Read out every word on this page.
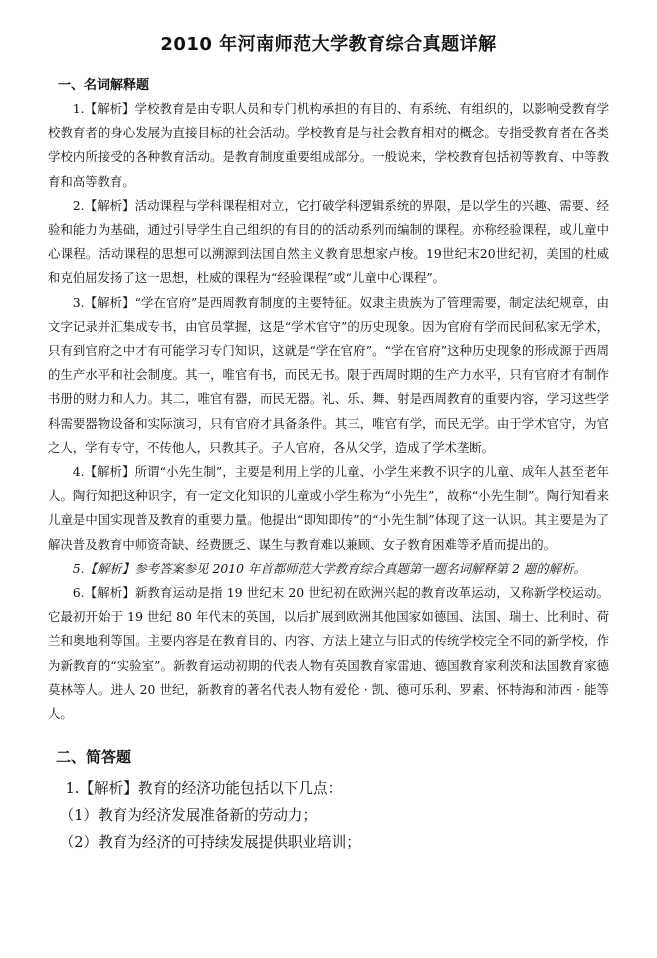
2010 年河南师范大学教育综合真题详解
一、名词解释题

1.【解析】学校教育是由专职人员和专门机构承担的有目的、有系统、有组织的，以影响受教育学校教育者的身心发展为直接目标的社会活动。学校教育是与社会教育相对的概念。专指受教育者在各类学校内所接受的各种教育活动。是教育制度重要组成部分。一般说来，学校教育包括初等教育、中等教育和高等教育。

2.【解析】活动课程与学科课程相对立，它打破学科逻辑系统的界限，是以学生的兴趣、需要、经验和能力为基础，通过引导学生自己组织的有目的的活动系列而编制的课程。亦称经验课程，或儿童中心课程。活动课程的思想可以溯源到法国自然主义教育思想家卢梭。19世纪末20世纪初，美国的杜威和克伯屈发扬了这一思想，杜威的课程为“经验课程”或“儿童中心课程”。

3.【解析】“学在官府”是西周教育制度的主要特征。奴隶主贵族为了管理需要，制定法纪规章，由文字记录并汇集成专书，由官员掌握，这是“学术官守”的历史现象。因为官府有学而民间私家无学术，只有到官府之中才有可能学习专门知识，这就是“学在官府”。“学在官府”这种历史现象的形成源于西周的生产水平和社会制度。其一，唯官有书，而民无书。限于西周时期的生产力水平，只有官府才有制作书册的财力和人力。其二，唯官有器，而民无器。礼、乐、舞、射是西周教育的重要内容，学习这些学科需要器物设备和实际演习，只有官府才具备条件。其三，唯官有学，而民无学。由于学术官守，为官之人，学有专守，不传他人，只教其子。子人官府，各从父学，造成了学术垄断。

4.【解析】所谓“小先生制”，主要是利用上学的儿童、小学生来教不识字的儿童、成年人甚至老年人。陶行知把这种识字，有一定文化知识的儿童或小学生称为“小先生”，故称“小先生制”。陶行知看来儿童是中国实现普及教育的重要力量。他提出“即知即传”的“小先生制”体现了这一认识。其主要是为了解决普及教育中师资奇缺、经费匮乏、谋生与教育难以兼顾、女子教育困难等矛盾而提出的。

5.【解析】参考答案参见 2010 年首都师范大学教育综合真题第一题名词解释第 2 题的解析。

6.【解析】新教育运动是指 19 世纪末 20 世纪初在欧洲兴起的教育改革运动，又称新学校运动。它最初开始于 19 世纪 80 年代末的英国，以后扩展到欧洲其他国家如德国、法国、瑞士、比利时、荷兰和奥地利等国。主要内容是在教育目的、内容、方法上建立与旧式的传统学校完全不同的新学校，作为新教育的“实验室”。新教育运动初期的代表人物有英国教育家雷迪、德国教育家利茨和法国教育家德莫林等人。进人 20 世纪，新教育的著名代表人物有爱伦 · 凯、德可乐利、罗素、怀特海和沛西 · 能等人。

二、简答题

1.【解析】教育的经济功能包括以下几点：

（1）教育为经济发展准备新的劳动力；

（2）教育为经济的可持续发展提供职业培训；
